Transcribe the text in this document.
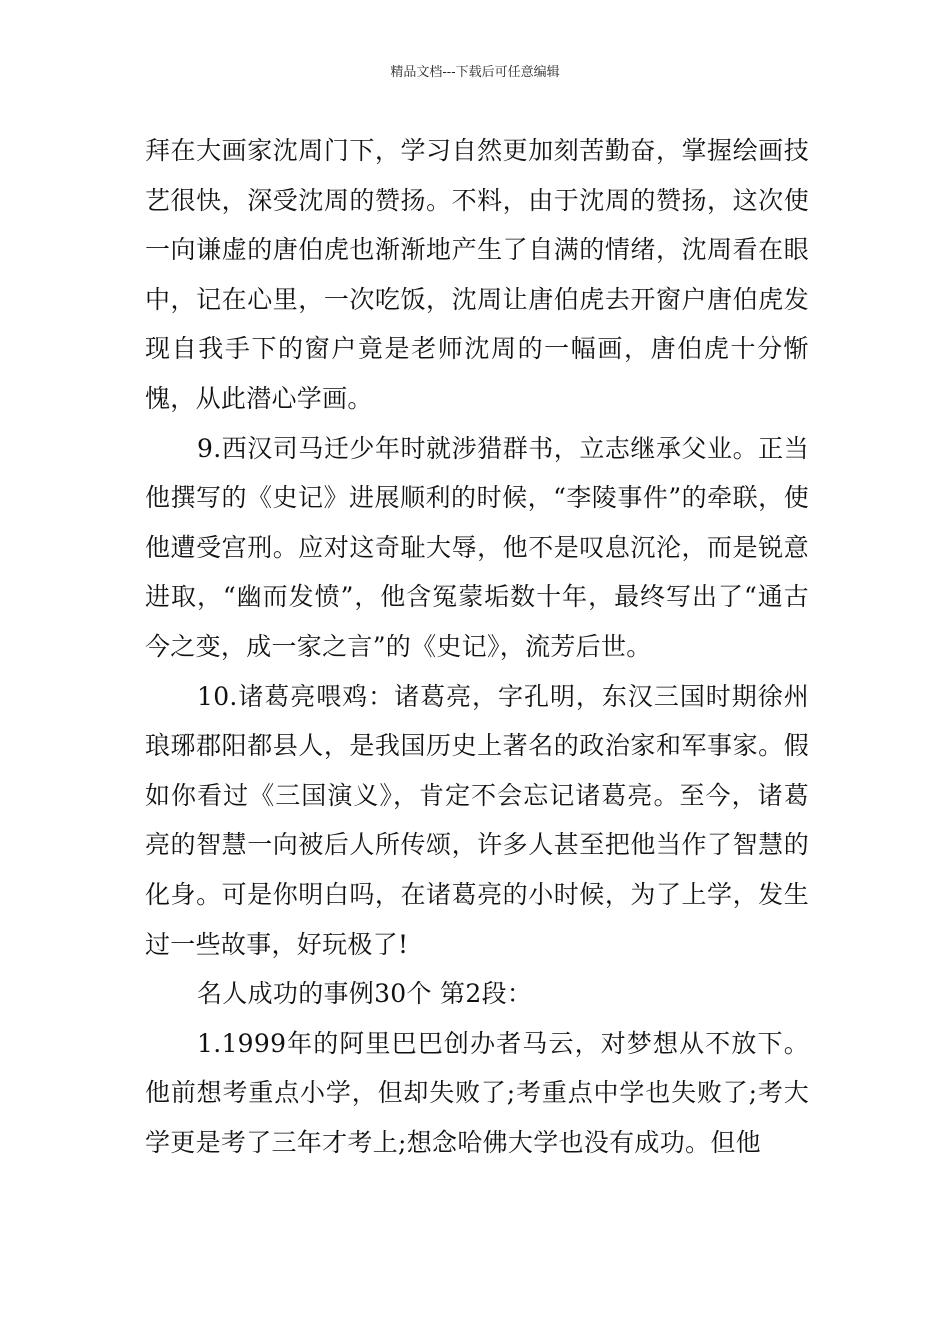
精品文档---下载后可任意编辑

拜在大画家沈周门下，学习自然更加刻苦勤奋，掌握绘画技艺很快，深受沈周的赞扬。不料，由于沈周的赞扬，这次使一向谦虚的唐伯虎也渐渐地产生了自满的情绪，沈周看在眼中，记在心里，一次吃饭，沈周让唐伯虎去开窗户唐伯虎发现自我手下的窗户竟是老师沈周的一幅画，唐伯虎十分惭愧，从此潜心学画。

9.西汉司马迁少年时就涉猎群书，立志继承父业。正当他撰写的《史记》进展顺利的时候，“李陵事件”的牵联，使他遭受宫刑。应对这奇耻大辱，他不是叹息沉沦，而是锐意进取，“幽而发愤”，他含冤蒙垢数十年，最终写出了“通古今之变，成一家之言”的《史记》，流芳后世。

10.诸葛亮喂鸡：诸葛亮，字孔明，东汉三国时期徐州琅琊郡阳都县人，是我国历史上著名的政治家和军事家。假如你看过《三国演义》，肯定不会忘记诸葛亮。至今，诸葛亮的智慧一向被后人所传颂，许多人甚至把他当作了智慧的化身。可是你明白吗，在诸葛亮的小时候，为了上学，发生过一些故事，好玩极了!

名人成功的事例30个 第2段：

1.1999年的阿里巴巴创办者马云，对梦想从不放下。他前想考重点小学，但却失败了;考重点中学也失败了;考大学更是考了三年才考上;想念哈佛大学也没有成功。但他
